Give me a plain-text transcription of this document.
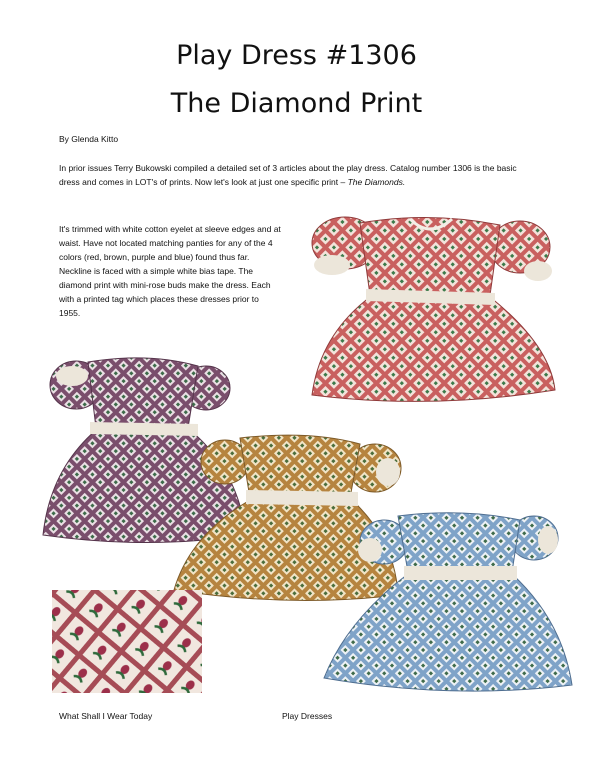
Play Dress #1306
The Diamond Print
By Glenda Kitto
In prior issues Terry Bukowski compiled a detailed set of 3 articles about the play dress. Catalog number 1306 is the basic dress and comes in LOT's of prints. Now let's look at just one specific print – The Diamonds.
It's trimmed with white cotton eyelet at sleeve edges and at waist. Have not located matching panties for any of the 4 colors (red, brown, purple and blue) found thus far. Neckline is faced with a simple white bias tape. The diamond print with mini-rose buds make the dress. Each with a printed tag which places these dresses prior to 1955.
What Shall I Wear Today	Play Dresses
